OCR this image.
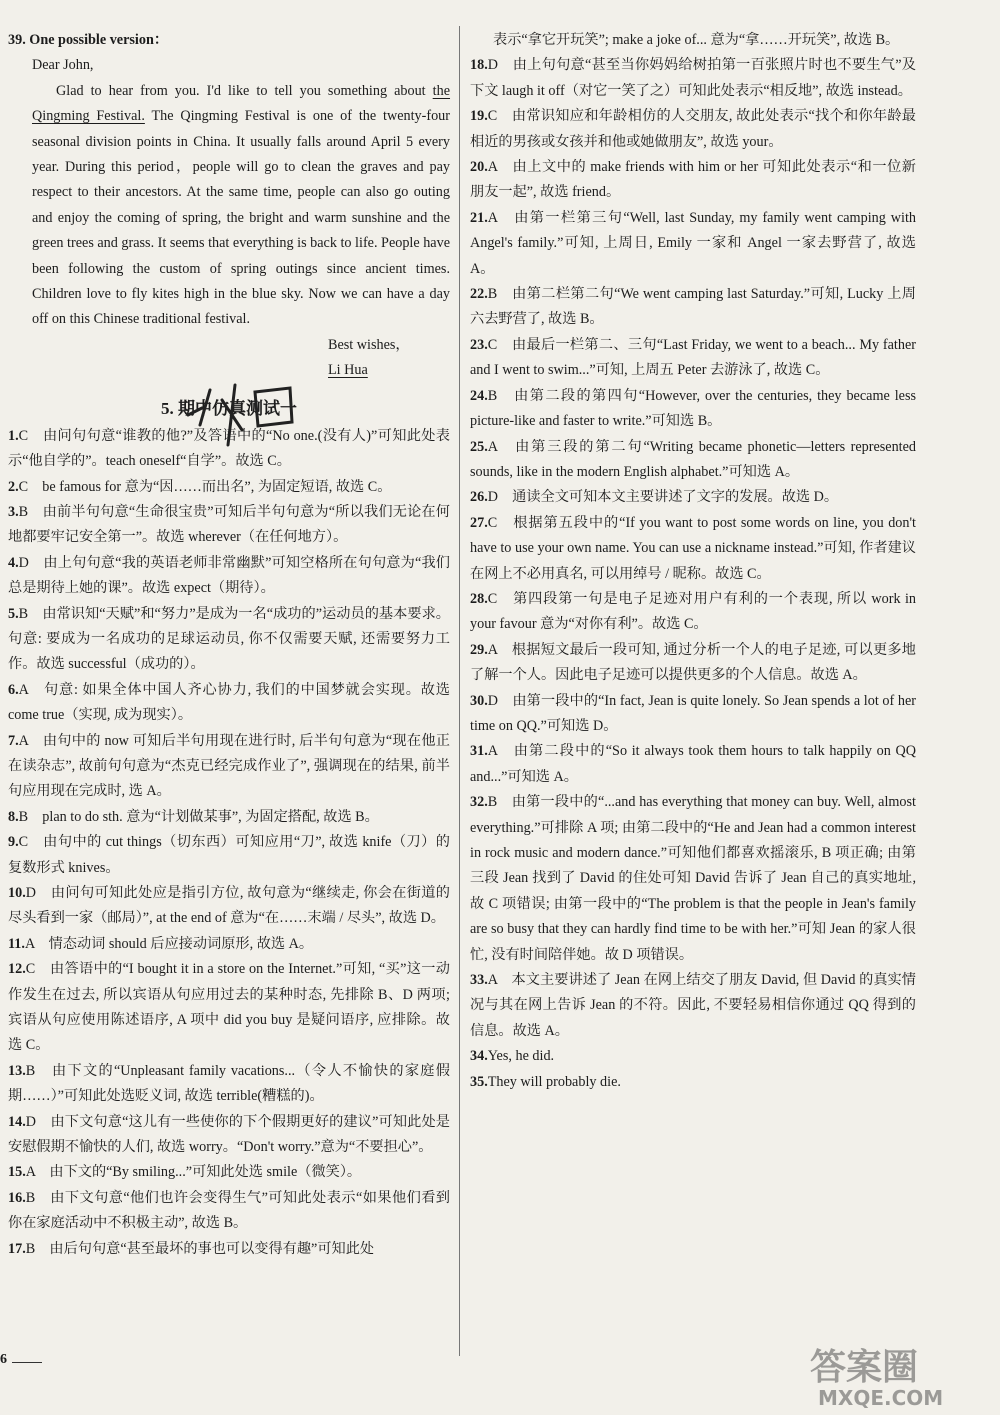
39. One possible version：

Dear John,

Glad to hear from you. I'd like to tell you something about the Qingming Festival. The Qingming Festival is one of the twenty-four seasonal division points in China. It usually falls around April 5 every year. During this period，people will go to clean the graves and pay respect to their ancestors. At the same time, people can also go outing and enjoy the coming of spring, the bright and warm sunshine and the green trees and grass. It seems that everything is back to life. People have been following the custom of spring outings since ancient times. Children love to fly kites high in the blue sky. Now we can have a day off on this Chinese traditional festival.

Best wishes，

Li Hua

5. 期中仿真测试一

1.C　由问句句意“谁教的他?”及答语中的“No one.(没有人)”可知此处表示“他自学的”。teach oneself“自学”。故选 C。

2.C　be famous for 意为“因……而出名”, 为固定短语, 故选 C。

3.B　由前半句句意“生命很宝贵”可知后半句句意为“所以我们无论在何地都要牢记安全第一”。故选 wherever（在任何地方）。

4.D　由上句句意“我的英语老师非常幽默”可知空格所在句句意为“我们总是期待上她的课”。故选 expect（期待）。

5.B　由常识知“天赋”和“努力”是成为一名“成功的”运动员的基本要求。句意: 要成为一名成功的足球运动员, 你不仅需要天赋, 还需要努力工作。故选 successful（成功的）。

6.A　句意: 如果全体中国人齐心协力, 我们的中国梦就会实现。故选 come true（实现, 成为现实）。

7.A　由句中的 now 可知后半句用现在进行时, 后半句句意为“现在他正在读杂志”, 故前句句意为“杰克已经完成作业了”, 强调现在的结果, 前半句应用现在完成时, 选 A。

8.B　plan to do sth. 意为“计划做某事”, 为固定搭配, 故选 B。

9.C　由句中的 cut things（切东西）可知应用“刀”, 故选 knife（刀）的复数形式 knives。

10.D　由问句可知此处应是指引方位, 故句意为“继续走, 你会在街道的尽头看到一家（邮局）”, at the end of 意为“在……末端 / 尽头”, 故选 D。

11.A　情态动词 should 后应接动词原形, 故选 A。

12.C　由答语中的“I bought it in a store on the Internet.”可知, “买”这一动作发生在过去, 所以宾语从句应用过去的某种时态, 先排除 B、D 两项; 宾语从句应使用陈述语序, A 项中 did you buy 是疑问语序, 应排除。故选 C。

13.B　由下文的“Unpleasant family vacations...（令人不愉快的家庭假期……）”可知此处选贬义词, 故选 terrible(糟糕的)。

14.D　由下文句意“这儿有一些使你的下个假期更好的建议”可知此处是安慰假期不愉快的人们, 故选 worry。“Don't worry.”意为“不要担心”。

15.A　由下文的“By smiling...”可知此处选 smile（微笑）。

16.B　由下文句意“他们也许会变得生气”可知此处表示“如果他们看到你在家庭活动中不积极主动”, 故选 B。

17.B　由后句句意“甚至最坏的事也可以变得有趣”可知此处

表示“拿它开玩笑”; make a joke of... 意为“拿……开玩笑”, 故选 B。

18.D　由上句句意“甚至当你妈妈给树拍第一百张照片时也不要生气”及下文 laugh it off（对它一笑了之）可知此处表示“相反地”, 故选 instead。

19.C　由常识知应和年龄相仿的人交朋友, 故此处表示“找个和你年龄最相近的男孩或女孩并和他或她做朋友”, 故选 your。

20.A　由上文中的 make friends with him or her 可知此处表示“和一位新朋友一起”, 故选 friend。

21.A　由第一栏第三句“Well, last Sunday, my family went camping with Angel's family.”可知, 上周日, Emily 一家和 Angel 一家去野营了, 故选 A。

22.B　由第二栏第二句“We went camping last Saturday.”可知, Lucky 上周六去野营了, 故选 B。

23.C　由最后一栏第二、三句“Last Friday, we went to a beach... My father and I went to swim...”可知, 上周五 Peter 去游泳了, 故选 C。

24.B　由第二段的第四句“However, over the centuries, they became less picture-like and faster to write.”可知选 B。

25.A　由第三段的第二句“Writing became phonetic—letters represented sounds, like in the modern English alphabet.”可知选 A。

26.D　通读全文可知本文主要讲述了文字的发展。故选 D。

27.C　根据第五段中的“If you want to post some words on line, you don't have to use your own name. You can use a nickname instead.”可知, 作者建议在网上不必用真名, 可以用绰号 / 昵称。故选 C。

28.C　第四段第一句是电子足迹对用户有利的一个表现, 所以 work in your favour 意为“对你有利”。故选 C。

29.A　根据短文最后一段可知, 通过分析一个人的电子足迹, 可以更多地了解一个人。因此电子足迹可以提供更多的个人信息。故选 A。

30.D　由第一段中的“In fact, Jean is quite lonely. So Jean spends a lot of her time on QQ.”可知选 D。

31.A　由第二段中的“So it always took them hours to talk happily on QQ and...”可知选 A。

32.B　由第一段中的“...and has everything that money can buy. Well, almost everything.”可排除 A 项; 由第二段中的“He and Jean had a common interest in rock music and modern dance.”可知他们都喜欢摇滚乐, B 项正确; 由第三段 Jean 找到了 David 的住处可知 David 告诉了 Jean 自己的真实地址, 故 C 项错误; 由第一段中的“The problem is that the people in Jean's family are so busy that they can hardly find time to be with her.”可知 Jean 的家人很忙, 没有时间陪伴她。故 D 项错误。

33.A　本文主要讲述了 Jean 在网上结交了朋友 David, 但 David 的真实情况与其在网上告诉 Jean 的不符。因此, 不要轻易相信你通过 QQ 得到的信息。故选 A。

34.Yes, he did.

35.They will probably die.

6	答案圈
MXQE.COM
